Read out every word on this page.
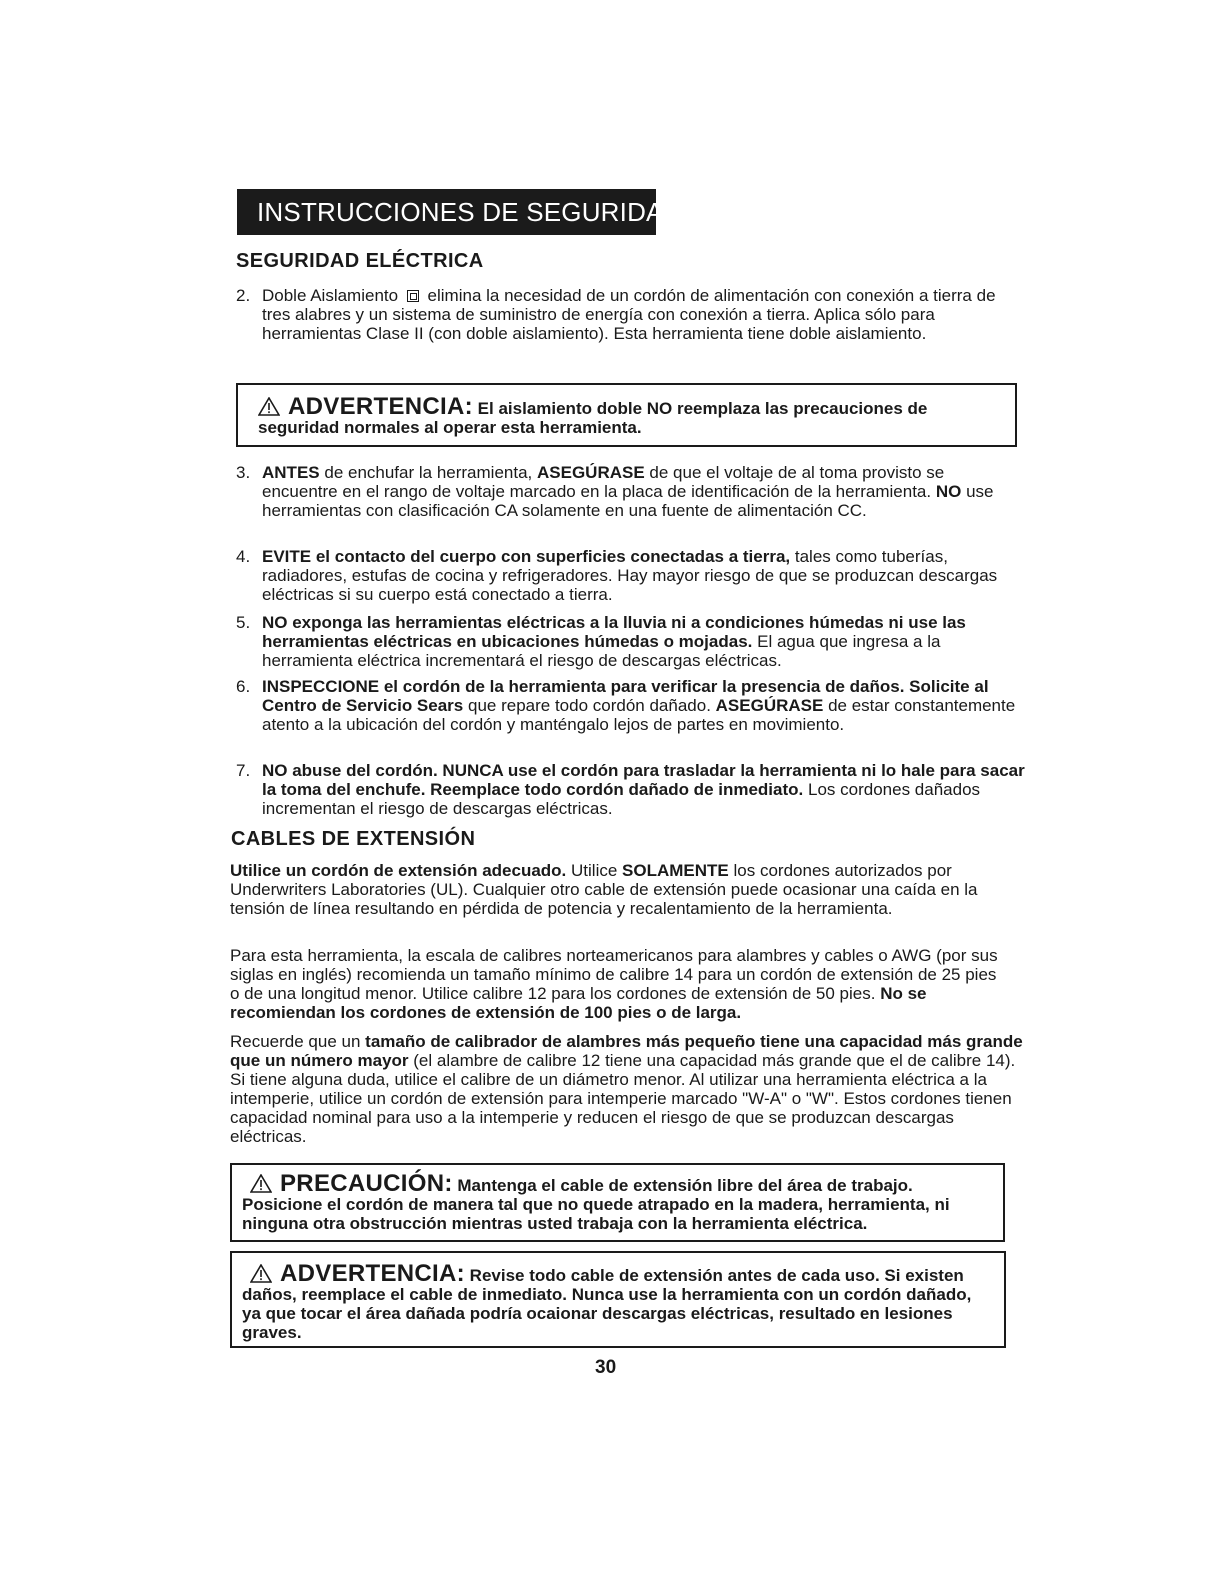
INSTRUCCIONES DE SEGURIDAD
SEGURIDAD ELÉCTRICA
2. Doble Aislamiento elimina la necesidad de un cordón de alimentación con conexión a tierra de tres alabres y un sistema de suministro de energía con conexión a tierra. Aplica sólo para herramientas Clase II (con doble aislamiento). Esta herramienta tiene doble aislamiento.
ADVERTENCIA: El aislamiento doble NO reemplaza las precauciones de seguridad normales al operar esta herramienta.
3. ANTES de enchufar la herramienta, ASEGÚRASE de que el voltaje de al toma provisto se encuentre en el rango de voltaje marcado en la placa de identificación de la herramienta. NO use herramientas con clasificación CA solamente en una fuente de alimentación CC.
4. EVITE el contacto del cuerpo con superficies conectadas a tierra, tales como tuberías, radiadores, estufas de cocina y refrigeradores. Hay mayor riesgo de que se produzcan descargas eléctricas si su cuerpo está conectado a tierra.
5. NO exponga las herramientas eléctricas a la lluvia ni a condiciones húmedas ni use las herramientas eléctricas en ubicaciones húmedas o mojadas. El agua que ingresa a la herramienta eléctrica incrementará el riesgo de descargas eléctricas.
6. INSPECCIONE el cordón de la herramienta para verificar la presencia de daños. Solicite al Centro de Servicio Sears que repare todo cordón dañado. ASEGÚRASE de estar constantemente atento a la ubicación del cordón y manténgalo lejos de partes en movimiento.
7. NO abuse del cordón. NUNCA use el cordón para trasladar la herramienta ni lo hale para sacar la toma del enchufe. Reemplace todo cordón dañado de inmediato. Los cordones dañados incrementan el riesgo de descargas eléctricas.
CABLES DE EXTENSIÓN
Utilice un cordón de extensión adecuado. Utilice SOLAMENTE los cordones autorizados por Underwriters Laboratories (UL). Cualquier otro cable de extensión puede ocasionar una caída en la tensión de línea resultando en pérdida de potencia y recalentamiento de la herramienta.
Para esta herramienta, la escala de calibres norteamericanos para alambres y cables o AWG (por sus siglas en inglés) recomienda un tamaño mínimo de calibre 14 para un cordón de extensión de 25 pies o de una longitud menor. Utilice calibre 12 para los cordones de extensión de 50 pies. No se recomiendan los cordones de extensión de 100 pies o de larga.
Recuerde que un tamaño de calibrador de alambres más pequeño tiene una capacidad más grande que un número mayor (el alambre de calibre 12 tiene una capacidad más grande que el de calibre 14). Si tiene alguna duda, utilice el calibre de un diámetro menor. Al utilizar una herramienta eléctrica a la intemperie, utilice un cordón de extensión para intemperie marcado "W-A" o "W". Estos cordones tienen capacidad nominal para uso a la intemperie y reducen el riesgo de que se produzcan descargas eléctricas.
PRECAUCIÓN: Mantenga el cable de extensión libre del área de trabajo. Posicione el cordón de manera tal que no quede atrapado en la madera, herramienta, ni ninguna otra obstrucción mientras usted trabaja con la herramienta eléctrica.
ADVERTENCIA: Revise todo cable de extensión antes de cada uso. Si existen daños, reemplace el cable de inmediato. Nunca use la herramienta con un cordón dañado, ya que tocar el área dañada podría ocaionar descargas eléctricas, resultado en lesiones graves.
30
